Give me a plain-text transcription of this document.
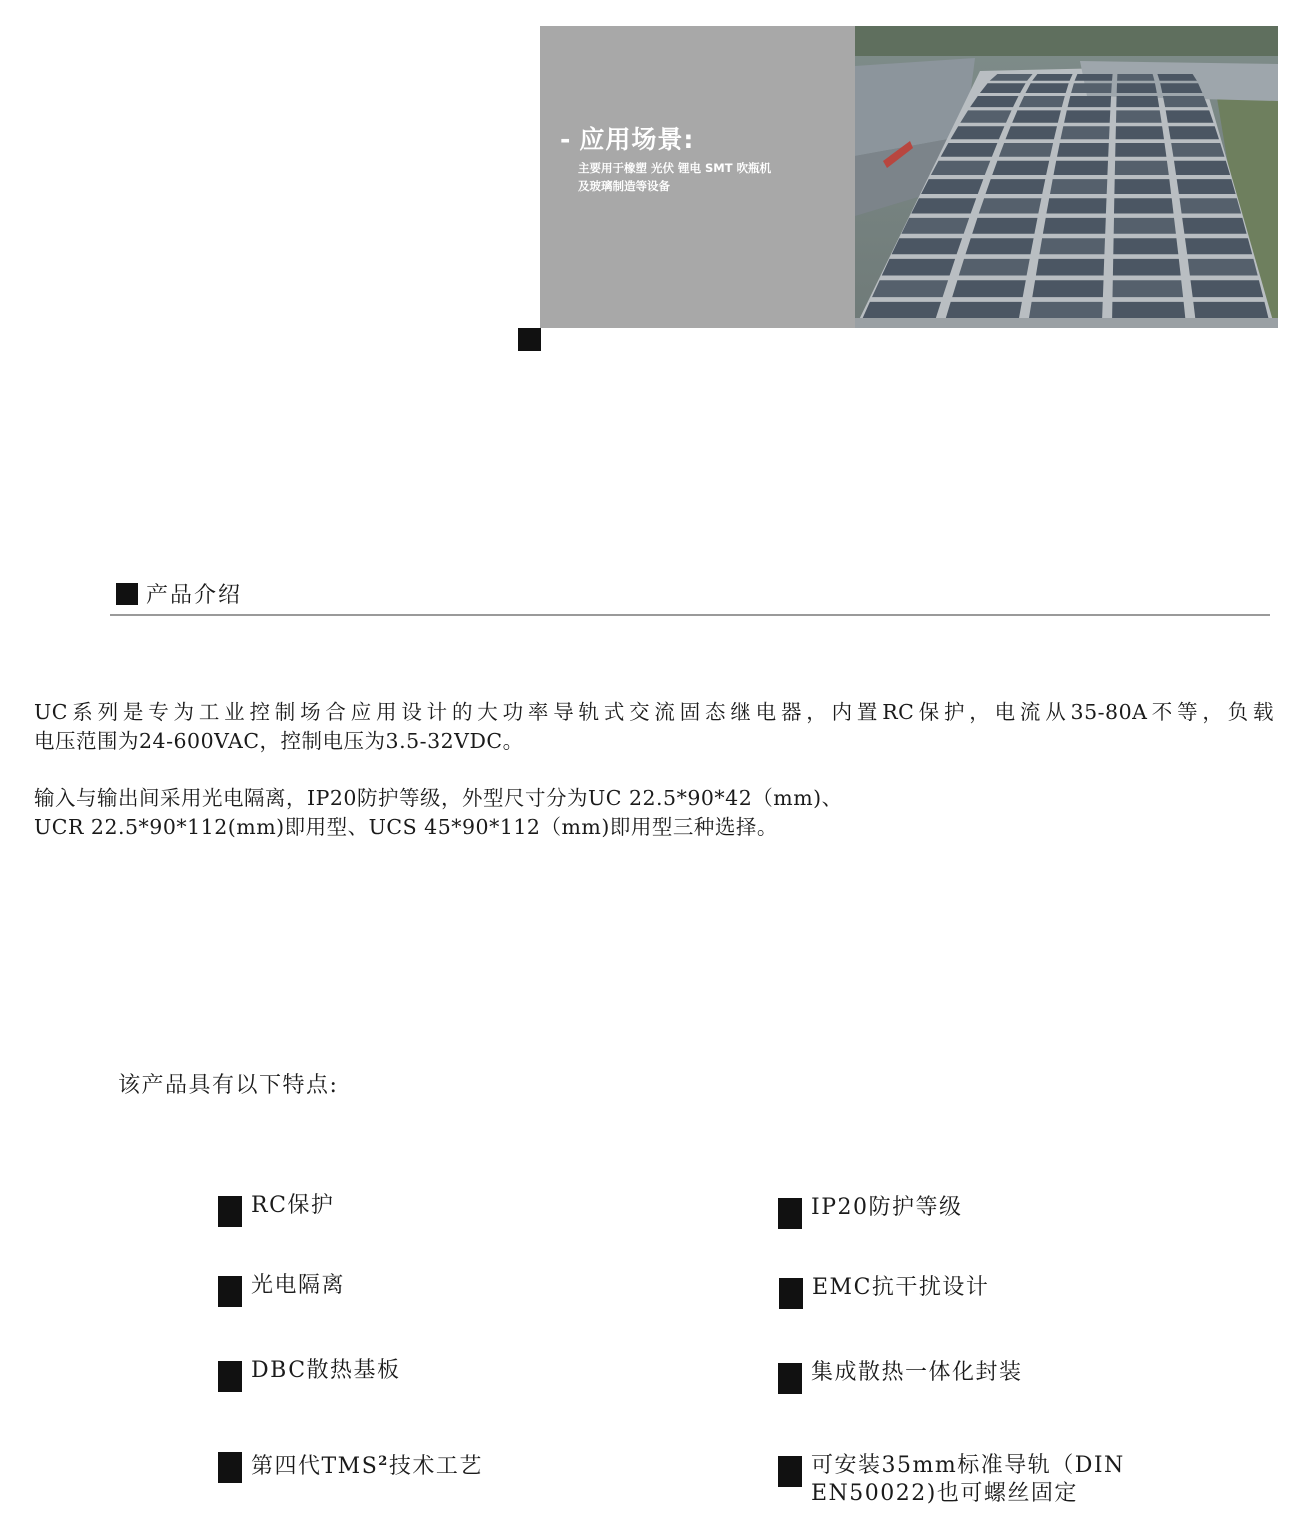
- 应用场景:
主要用于橡塑 光伏 锂电 SMT 吹瓶机
及玻璃制造等设备
产品介绍
UC系列是专为工业控制场合应用设计的大功率导轨式交流固态继电器，内置RC保护，电流从35-80A不等，负载
电压范围为24-600VAC，控制电压为3.5-32VDC。
输入与输出间采用光电隔离，IP20防护等级，外型尺寸分为UC 22.5*90*42（mm)、
UCR 22.5*90*112(mm)即用型、UCS 45*90*112（mm)即用型三种选择。
该产品具有以下特点:
RC保护	IP20防护等级
光电隔离	EMC抗干扰设计
DBC散热基板	集成散热一体化封装
第四代TMS$^2$技术工艺	可安装35mm标准导轨（DIN EN50022)也可螺丝固定
